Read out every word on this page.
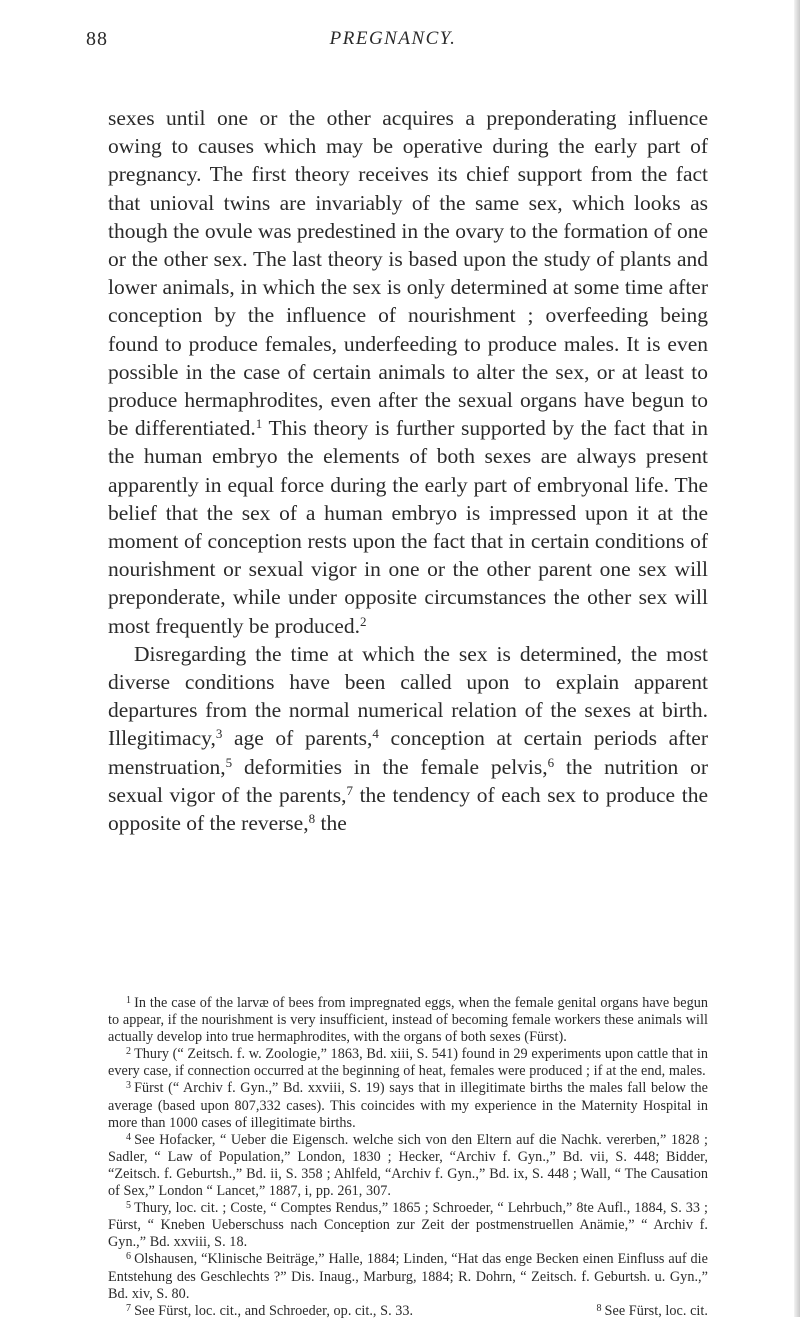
88	PREGNANCY.

sexes until one or the other acquires a preponderating influence owing to causes which may be operative during the early part of pregnancy. The first theory receives its chief support from the fact that unioval twins are invariably of the same sex, which looks as though the ovule was predestined in the ovary to the formation of one or the other sex. The last theory is based upon the study of plants and lower animals, in which the sex is only determined at some time after conception by the influence of nourishment ; overfeeding being found to produce females, underfeeding to produce males. It is even possible in the case of certain animals to alter the sex, or at least to produce hermaphrodites, even after the sexual organs have begun to be differentiated.$^1$ This theory is further supported by the fact that in the human embryo the elements of both sexes are always present apparently in equal force during the early part of embryonal life. The belief that the sex of a human embryo is impressed upon it at the moment of conception rests upon the fact that in certain conditions of nourishment or sexual vigor in one or the other parent one sex will preponderate, while under opposite circumstances the other sex will most frequently be produced.$^2$

Disregarding the time at which the sex is determined, the most diverse conditions have been called upon to explain apparent departures from the normal numerical relation of the sexes at birth. Illegitimacy,$^3$ age of parents,$^4$ conception at certain periods after menstruation,$^5$ deformities in the female pelvis,$^6$ the nutrition or sexual vigor of the parents,$^7$ the tendency of each sex to produce the opposite of the reverse,$^8$ the

$^1$ In the case of the larvæ of bees from impregnated eggs, when the female genital organs have begun to appear, if the nourishment is very insufficient, instead of becoming female workers these animals will actually develop into true hermaphrodites, with the organs of both sexes (Fürst).

$^2$ Thury (“ Zeitsch. f. w. Zoologie,” 1863, Bd. xiii, S. 541) found in 29 experiments upon cattle that in every case, if connection occurred at the beginning of heat, females were produced ; if at the end, males.

$^3$ Fürst (“ Archiv f. Gyn.,” Bd. xxviii, S. 19) says that in illegitimate births the males fall below the average (based upon 807,332 cases). This coincides with my experience in the Maternity Hospital in more than 1000 cases of illegitimate births.

$^4$ See Hofacker, “ Ueber die Eigensch. welche sich von den Eltern auf die Nachk. vererben,” 1828 ; Sadler, “ Law of Population,” London, 1830 ; Hecker, “Archiv f. Gyn.,” Bd. vii, S. 448; Bidder, “Zeitsch. f. Geburtsh.,” Bd. ii, S. 358 ; Ahlfeld, “Archiv f. Gyn.,” Bd. ix, S. 448 ; Wall, “ The Causation of Sex,” London “ Lancet,” 1887, i, pp. 261, 307.

$^5$ Thury, loc. cit. ; Coste, “ Comptes Rendus,” 1865 ; Schroeder, “ Lehrbuch,” 8te Aufl., 1884, S. 33 ; Fürst, “ Kneben Ueberschuss nach Conception zur Zeit der postmenstruellen Anämie,” “ Archiv f. Gyn.,” Bd. xxviii, S. 18.

$^6$ Olshausen, “Klinische Beiträge,” Halle, 1884; Linden, “Hat das enge Becken einen Einfluss auf die Entstehung des Geschlechts ?” Dis. Inaug., Marburg, 1884; R. Dohrn, “ Zeitsch. f. Geburtsh. u. Gyn.,” Bd. xiv, S. 80.

$^7$ See Fürst, loc. cit., and Schroeder, op. cit., S. 33.	$^8$ See Fürst, loc. cit.
